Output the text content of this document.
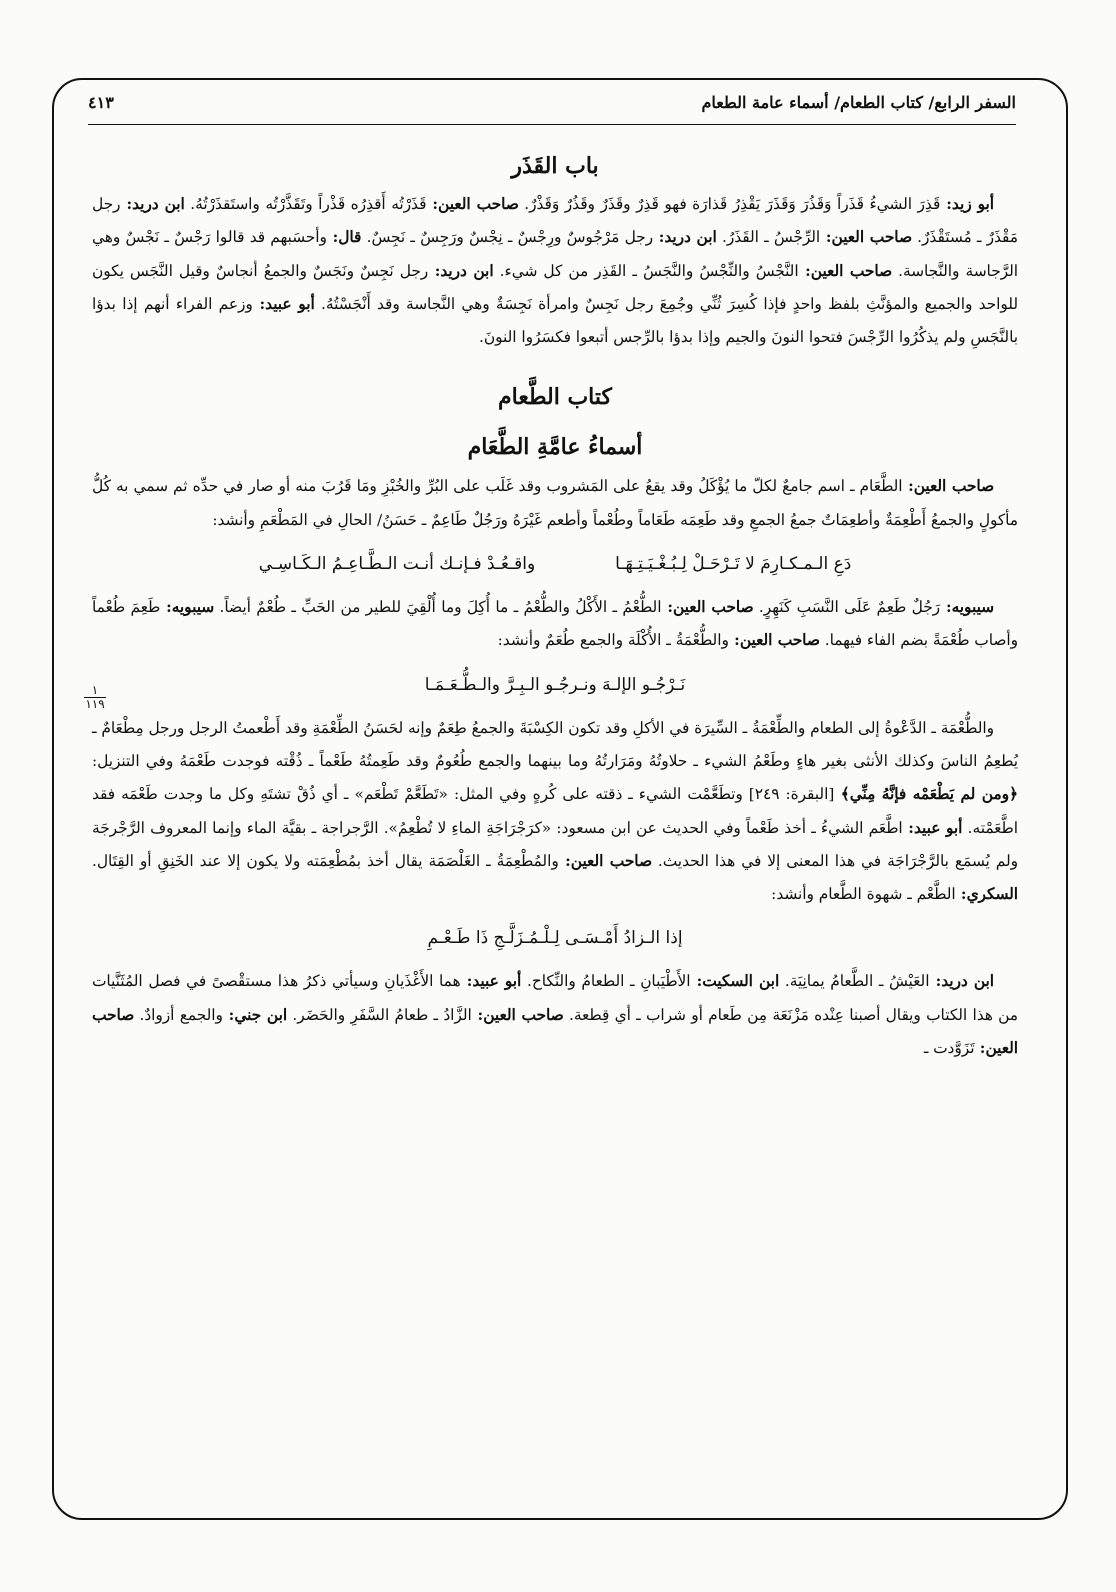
السفر الرابع/ كتاب الطعام/ أسماء عامة الطعام
٤١٣
١
١١٩
باب القَذَر

أبو زيد: قَذِرَ الشيءُ قَذَراً وَقَذُرَ وَقَذَرَ يَقْذِرُ قَذارَة فهو قَذِرٌ وقَذَرٌ وقَذُرٌ وَقَذْرٌ. صاحب العين: قَذَرْتُه أَقذِرُه قَذْراً وتَقَذَّرْتُه واستَقذَرْتُهُ. ابن دريد: رجل مَقْذَرٌ ـ مُستَقْذَرٌ. صاحب العين: الرِّجْسُ ـ القَذَرُ. ابن دريد: رجل مَرْجُوسٌ ورِجْسٌ ـ نِجْسٌ ورَجِسٌ ـ نَجِسٌ. قال: وأحسَبهم قد قالوا رَجْسٌ ـ نَجْسٌ وهي الرَّجاسة والنَّجاسة. صاحب العين: النَّجْسُ والنِّجْسُ والنَّجَسُ ـ القَذِر من كل شيء. ابن دريد: رجل نَجِسٌ ونَجَسٌ والجمعُ أنجاسٌ وقيل النَّجَس يكون للواحد والجميع والمؤنَّثِ بلفظ واحدٍ فإذا كُسِرَ ثُنِّي وجُمِعَ رجل نَجِسٌ وامرأة نَجِسَةٌ وهي النَّجاسة وقد أَنْجَسْتُهُ. أبو عبيد: وزعم الفراء أنهم إذا بدؤا بالنَّجَسِ ولم يذكُرُوا الرِّجْسَ فتحوا النونَ والجيم وإذا بدؤا بالرِّجس أتبعوا فكسَرُوا النونَ.

كتاب الطَّعام
أسماءُ عامَّةِ الطَّعَام

صاحب العين: الطَّعَام ـ اسم جامعٌ لكلّ ما يُؤْكَلُ وقد يقعُ على المَشروب وقد غَلَب على البُرِّ والخُبْزِ ومَا قَرُبَ منه أو صار في حدِّه ثم سمي به كُلُّ مأكولٍ والجمعُ أَطْعِمَةٌ وأطعِمَاتٌ جمعُ الجمعِ وقد طَعِمَه طَعَاماً وطُعْماً وأطعم غَيْرَهُ ورَجُلٌ طَاعِمٌ ـ حَسَنُ/ الحالِ في المَطْعَمِ وأنشد:

دَعِ الـمـكـارِمَ لا تَـرْحَـلْ لِـبُـغْـيَـتِـهَـا
واقـعُـدْ فـإنـك أنـت الـطَّـاعِـمُ الـكَـاسِـي

سيبويه: رَجُلٌ طَعِمٌ عَلَى النَّسَبِ كَنَهِرٍ. صاحب العين: الطُّعْمُ ـ الأَكْلُ والطُّعْمُ ـ ما أُكِلَ وما أُلْقِيَ للطير من الحَبِّ ـ طُعْمٌ أيضاً. سيبويه: طَعِمَ طُعْماً وأصاب طُعْمَةً بضم الفاء فيهما. صاحب العين: والطُّعْمَةُ ـ الأُكْلَة والجمع طُعَمٌ وأنشد:

نَـرْجُـو الإلـهَ ونـرجُـو الـبِـرَّ والـطُّـعَـمَـا

والطُّعْمَة ـ الدَّعْوةُ إلى الطعام والطِّعْمَةُ ـ السِّيرَة في الأكلِ وقد تكون الكِسْبَةَ والجمعُ طِعَمٌ وإنه لحَسَنُ الطِّعْمَةِ وقد أَطْعمتُ الرجل ورجل مِطْعَامٌ ـ يُطعِمُ الناسَ وكذلك الأنثى بغير هاءٍ وطَعْمُ الشيء ـ حلاوتُهُ ومَرَارتُهُ وما بينهما والجمع طُعُومٌ وقد طَعِمتُهُ طَعْماً ـ ذُقْته فوجدت طَعْمَهُ وفي التنزيل: ﴿ومن لم يَطْعَمْه فإنَّهُ مِنِّي﴾ [البقرة: ٢٤٩] وتطَعَّمْت الشيء ـ ذقته على كُرهٍ وفي المثل: «تَطَعَّمْ تَطْعَم» ـ أي ذُقْ تشتَهِ وكل ما وجدت طَعْمَه فقد اطَّعَمْته. أبو عبيد: اطَّعَم الشيءُ ـ أخذ طَعْماً وفي الحديث عن ابن مسعود: «كرَجْرَاجَةِ الماءِ لا تُطْعِمُ». الرَّجراجة ـ بقيَّة الماء وإنما المعروف الرَّجْرجَة ولم يُسمَع بالرَّجْرَاجَة في هذا المعنى إلا في هذا الحديث. صاحب العين: والمُطْعِمَةُ ـ الغَلْصَمَة يقال أخذ بمُطْعِمَته ولا يكون إلا عند الخَنِقِ أو القِتَال. السكري: الطَّعْم ـ شهوة الطَّعام وأنشد:

إذا الـزادُ أَمْـسَـى لِـلْـمُـزَلَّـجِ ذَا طَـعْـمِ

ابن دريد: العَيْشُ ـ الطَّعامُ يمانِيَة. ابن السكيت: الأَطْيَبانِ ـ الطعامُ والنِّكاح. أبو عبيد: هما الأَغْذَيانِ وسيأتي ذكرُ هذا مستقْصىً في فصل المُثَنَّيات من هذا الكتاب ويقال أصبنا عِنْده مَزْنَعَة مِن طَعام أو شراب ـ أي قِطعة. صاحب العين: الزَّادُ ـ طعامُ السَّفَرِ والحَضَر. ابن جني: والجمع أزوادٌ. صاحب العين: تَزَوَّدت ـ
